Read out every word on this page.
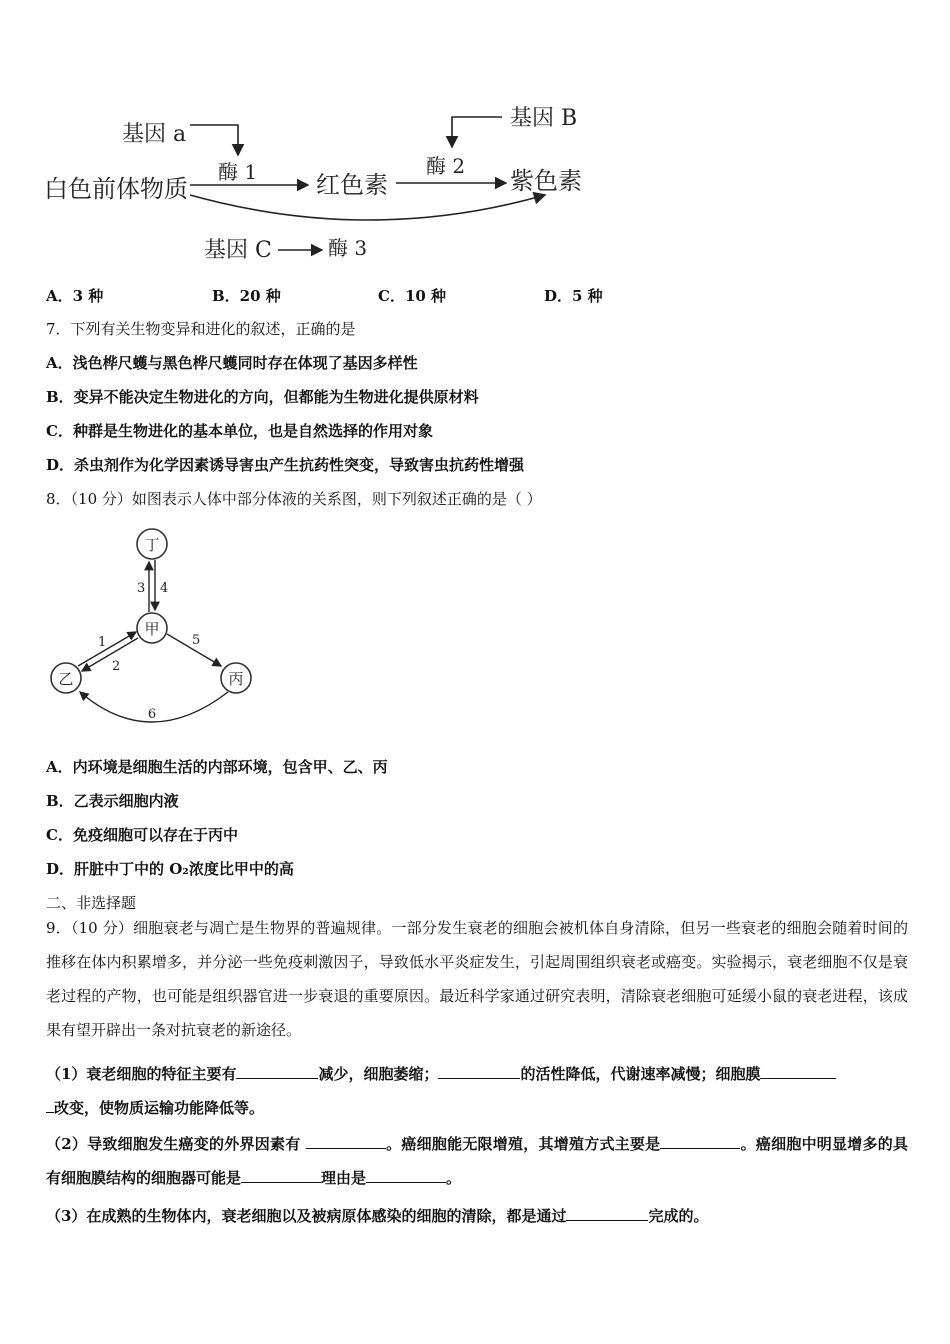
基因 a
基因 B
白色前体物质
酶 1 红色素
酶 2
紫色素
基因 C	酶 3
A．3 种	B．20 种	C．10 种	D．5 种
7．下列有关生物变异和进化的叙述，正确的是
A．浅色桦尺蠖与黑色桦尺蠖同时存在体现了基因多样性
B．变异不能决定生物进化的方向，但都能为生物进化提供原材料
C．种群是生物进化的基本单位，也是自然选择的作用对象
D．杀虫剂作为化学因素诱导害虫产生抗药性突变，导致害虫抗药性增强
8．（10 分）如图表示人体中部分体液的关系图，则下列叙述正确的是（ ）
丁
甲
乙	丙
3 4
1
2
5
6
A．内环境是细胞生活的内部环境，包含甲、乙、丙
B．乙表示细胞内液
C．免疫细胞可以存在于丙中
D．肝脏中丁中的 O₂浓度比甲中的高
二、非选择题
9．（10 分）细胞衰老与凋亡是生物界的普遍规律。一部分发生衰老的细胞会被机体自身清除，但另一些衰老的细胞会随着时间的推移在体内积累增多，并分泌一些免疫刺激因子，导致低水平炎症发生，引起周围组织衰老或癌变。实验揭示，衰老细胞不仅是衰老过程的产物，也可能是组织器官进一步衰退的重要原因。最近科学家通过研究表明，清除衰老细胞可延缓小鼠的衰老进程，该成果有望开辟出一条对抗衰老的新途径。
（1）衰老细胞的特征主要有	减少，细胞萎缩；	的活性降低，代谢速率减慢；细胞膜
改变，使物质运输功能降低等。
（2）导致细胞发生癌变的外界因素有	。癌细胞能无限增殖，其增殖方式主要是	。癌细胞中明显增多的具有细胞膜结构的细胞器可能是	理由是	。
（3）在成熟的生物体内，衰老细胞以及被病原体感染的细胞的清除，都是通过	完成的。
